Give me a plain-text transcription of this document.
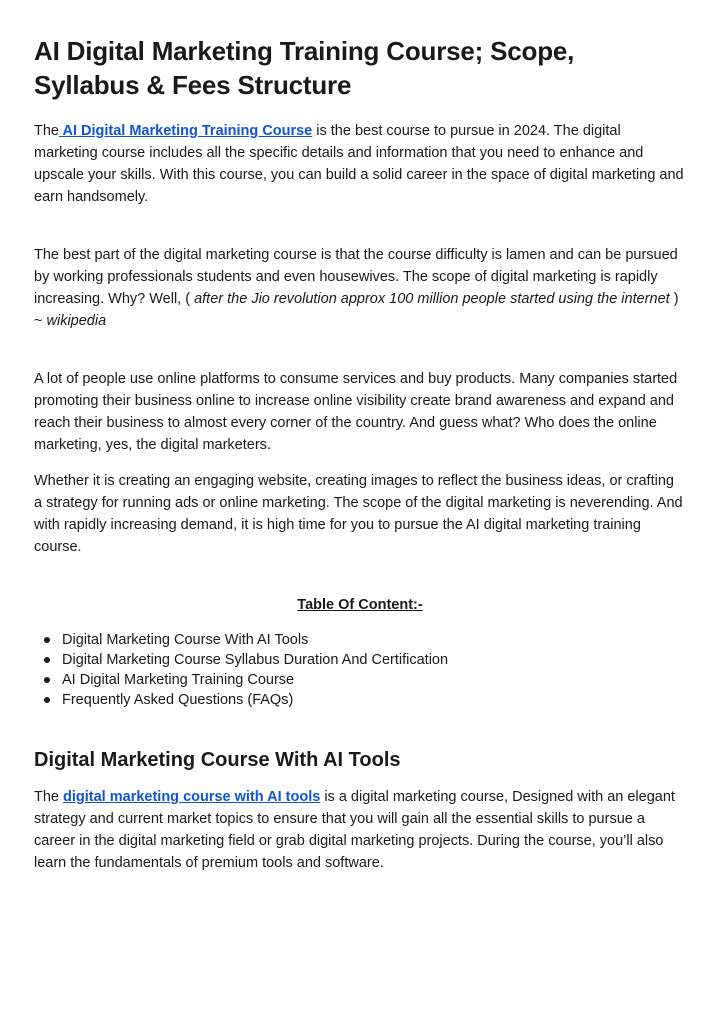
AI Digital Marketing Training Course; Scope, Syllabus & Fees Structure

The AI Digital Marketing Training Course is the best course to pursue in 2024. The digital marketing course includes all the specific details and information that you need to enhance and upscale your skills. With this course, you can build a solid career in the space of digital marketing and earn handsomely.

The best part of the digital marketing course is that the course difficulty is lamen and can be pursued by working professionals students and even housewives. The scope of digital marketing is rapidly increasing. Why? Well, ( after the Jio revolution approx 100 million people started using the internet ) ~ wikipedia

A lot of people use online platforms to consume services and buy products. Many companies started promoting their business online to increase online visibility create brand awareness and expand and reach their business to almost every corner of the country. And guess what? Who does the online marketing, yes, the digital marketers.

Whether it is creating an engaging website, creating images to reflect the business ideas, or crafting a strategy for running ads or online marketing. The scope of the digital marketing is neverending. And with rapidly increasing demand, it is high time for you to pursue the AI digital marketing training course.

Table Of Content:-
Digital Marketing Course With AI Tools
Digital Marketing Course Syllabus Duration And Certification
AI Digital Marketing Training Course
Frequently Asked Questions (FAQs)
Digital Marketing Course With AI Tools

The digital marketing course with AI tools is a digital marketing course, Designed with an elegant strategy and current market topics to ensure that you will gain all the essential skills to pursue a career in the digital marketing field or grab digital marketing projects. During the course, you’ll also learn the fundamentals of premium tools and software.
